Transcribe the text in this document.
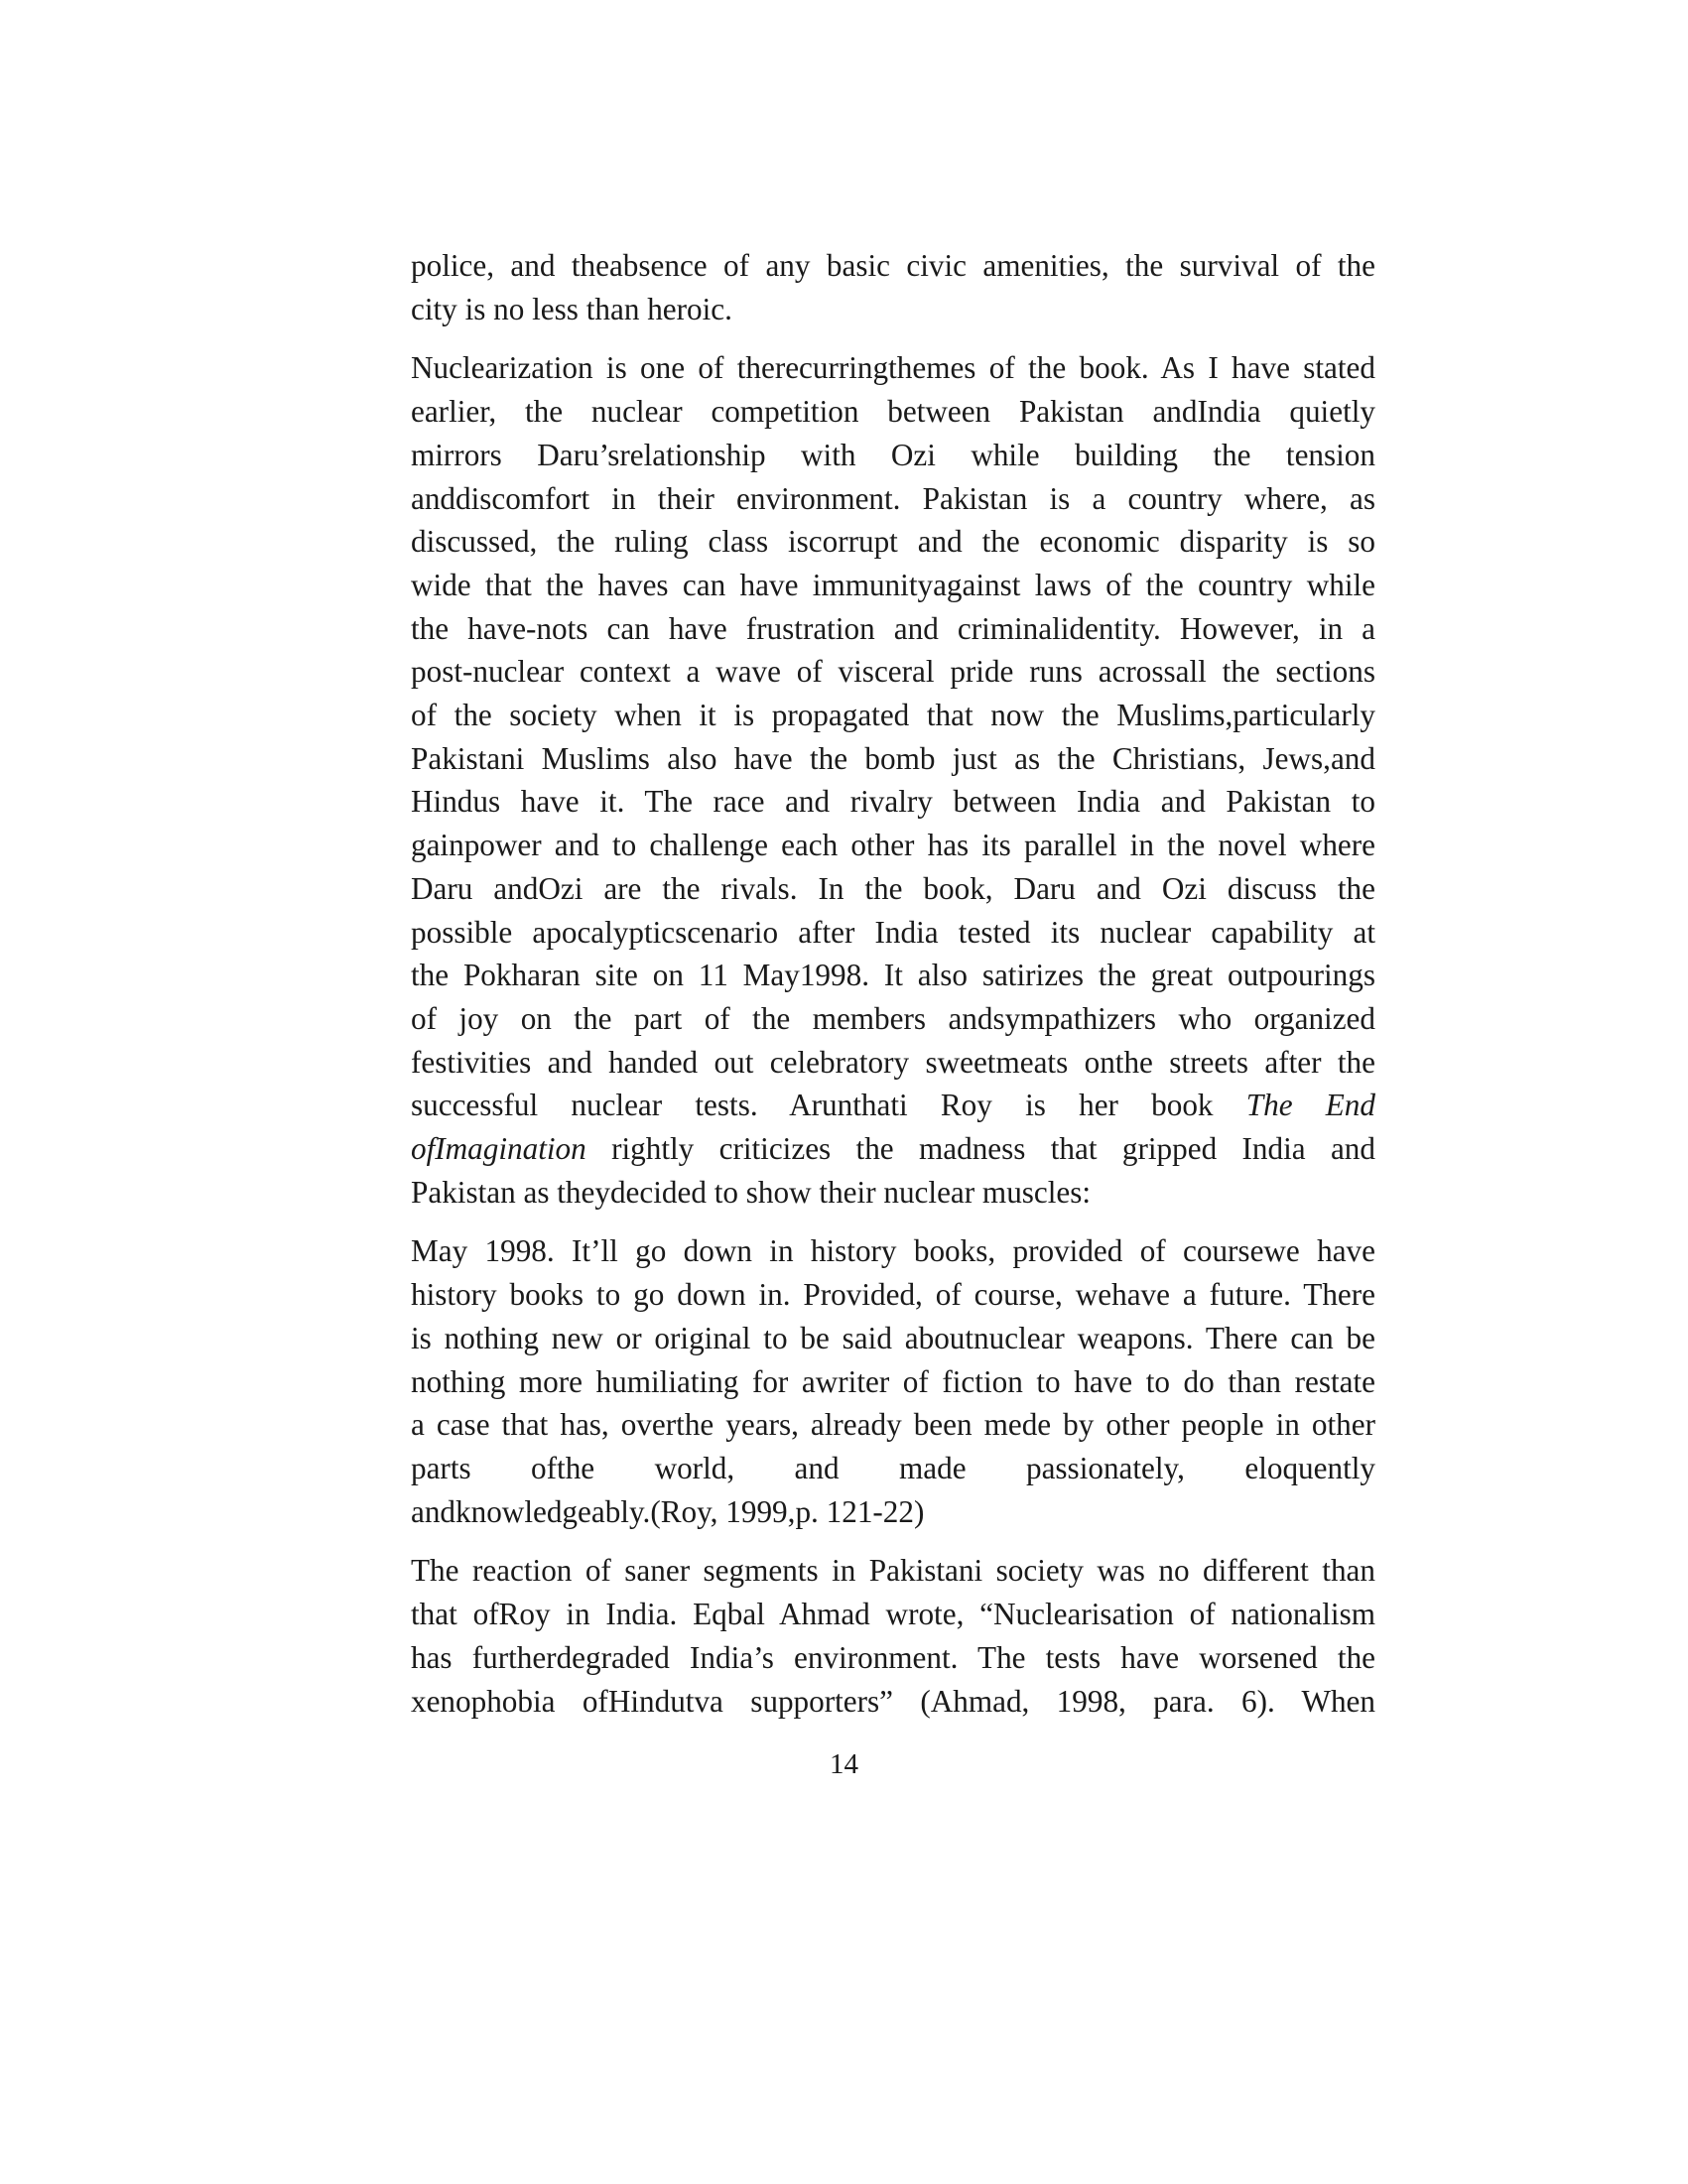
police, and theabsence of any basic civic amenities, the survival of the
city is no less than heroic.

Nuclearization is one of therecurringthemes of the book. As I have stated
earlier, the nuclear competition between Pakistan andIndia quietly
mirrors Daru’srelationship with Ozi while building the tension
anddiscomfort in their environment. Pakistan is a country where, as
discussed, the ruling class iscorrupt and the economic disparity is so
wide that the haves can have immunityagainst laws of the country while
the have-nots can have frustration and criminalidentity. However, in a
post-nuclear context a wave of visceral pride runs acrossall the sections
of the society when it is propagated that now the Muslims,particularly
Pakistani Muslims also have the bomb just as the Christians, Jews,and
Hindus have it. The race and rivalry between India and Pakistan to
gainpower and to challenge each other has its parallel in the novel where
Daru andOzi are the rivals. In the book, Daru and Ozi discuss the
possible apocalypticscenario after India tested its nuclear capability at
the Pokharan site on 11 May1998. It also satirizes the great outpourings
of joy on the part of the members andsympathizers who organized
festivities and handed out celebratory sweetmeats onthe streets after the
successful nuclear tests. Arunthati Roy is her book The End
ofImagination rightly criticizes the madness that gripped India and
Pakistan as theydecided to show their nuclear muscles:

May 1998. It’ll go down in history books, provided of coursewe have
history books to go down in. Provided, of course, wehave a future. There
is nothing new or original to be said aboutnuclear weapons. There can be
nothing more humiliating for awriter of fiction to have to do than restate
a case that has, overthe years, already been mede by other people in other
parts ofthe world, and made passionately, eloquently
andknowledgeably.(Roy, 1999,p. 121-22)

The reaction of saner segments in Pakistani society was no different than
that ofRoy in India. Eqbal Ahmad wrote, “Nuclearisation of nationalism
has furtherdegraded India’s environment. The tests have worsened the
xenophobia ofHindutva supporters” (Ahmad, 1998, para. 6). When

14
